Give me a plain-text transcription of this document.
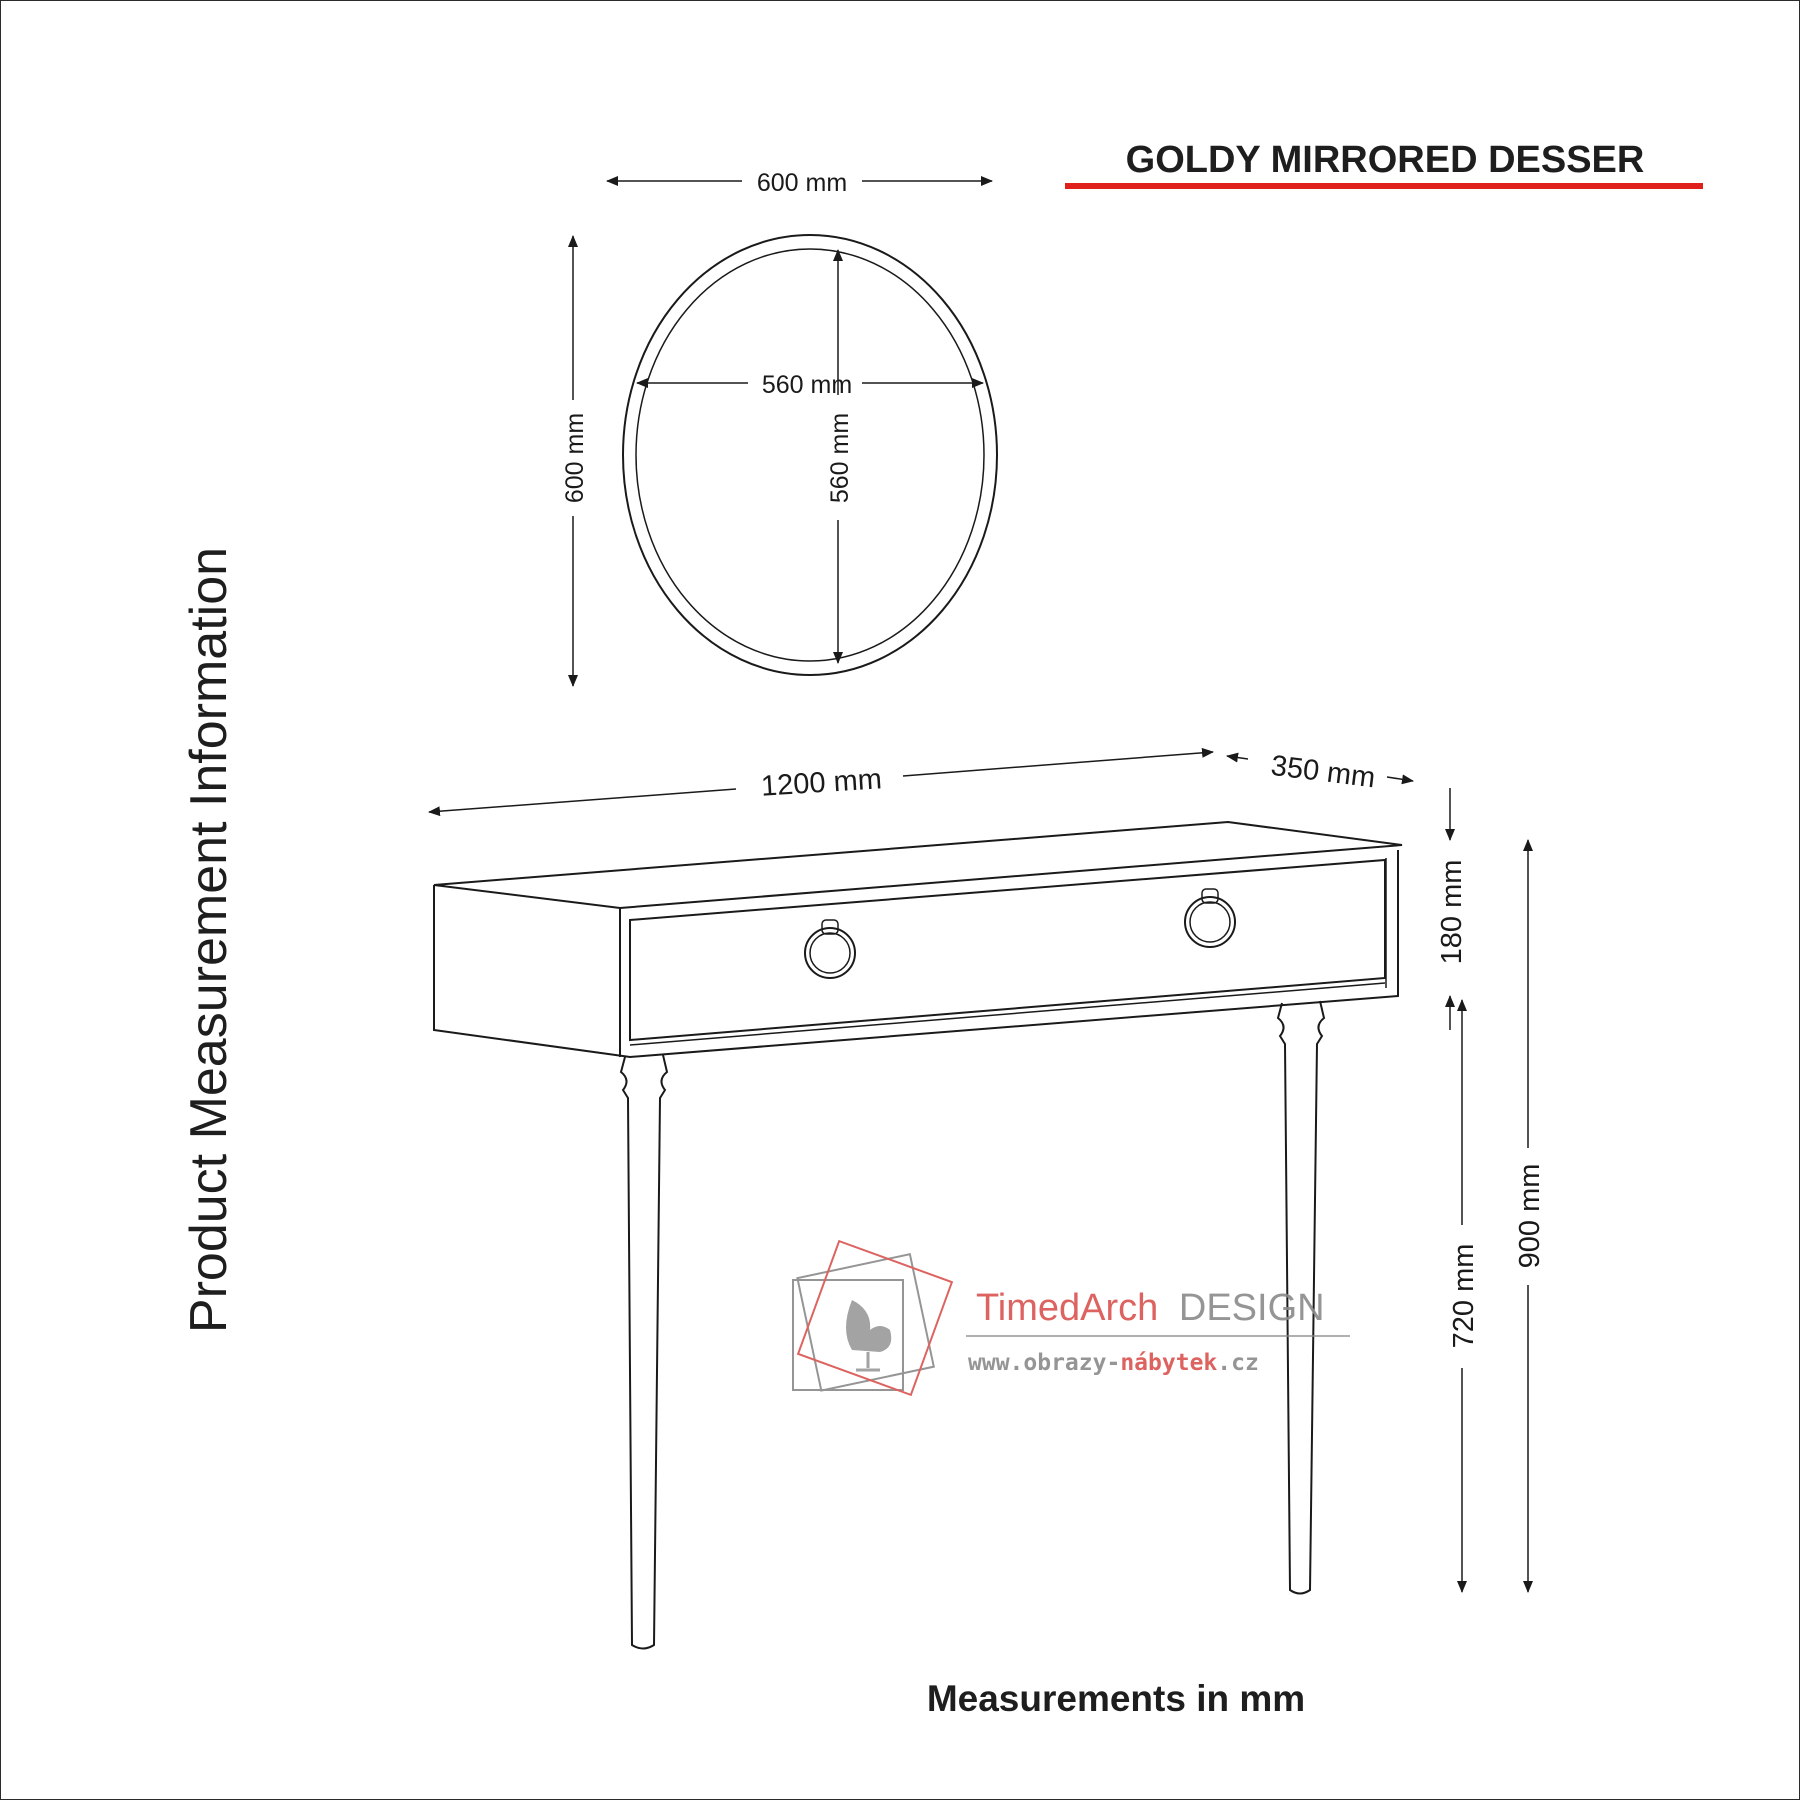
GOLDY MIRRORED DESSER
Product Measurement Information
600 mm
600 mm
560 mm
560 mm
1200 mm	350 mm
180 mm
720 mm
900 mm
TimedArch DESIGN
www.obrazy-nábytek.cz
Measurements in mm
